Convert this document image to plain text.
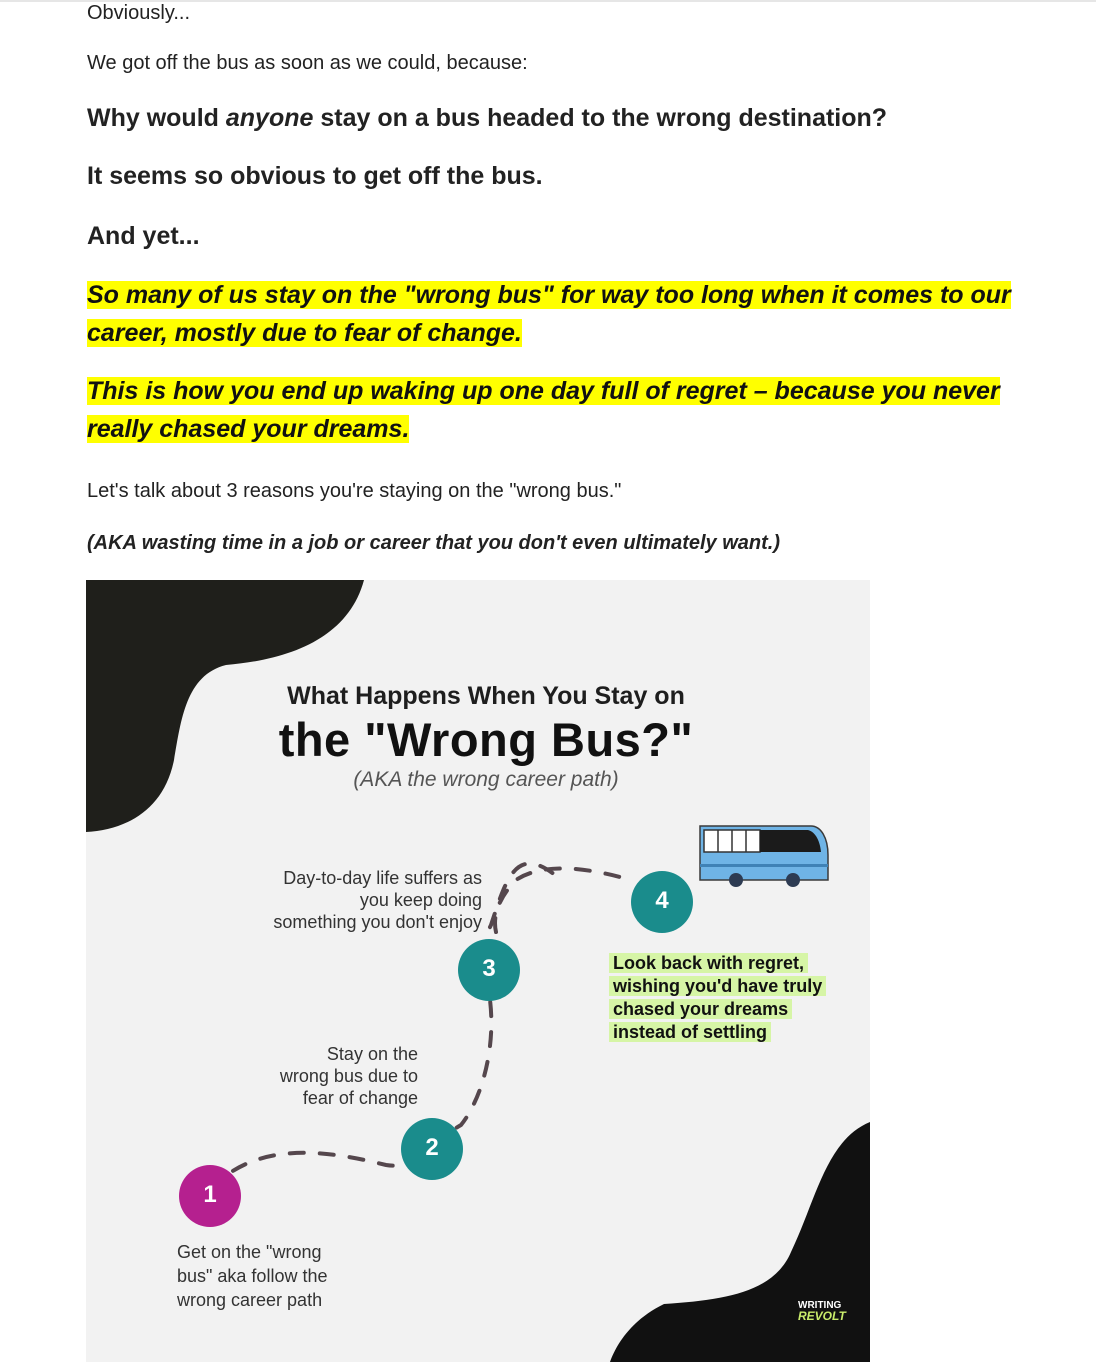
Obviously...

We got off the bus as soon as we could, because:

Why would anyone stay on a bus headed to the wrong destination?

It seems so obvious to get off the bus.

And yet...

So many of us stay on the "wrong bus" for way too long when it comes to our
career, mostly due to fear of change.

This is how you end up waking up one day full of regret – because you never
really chased your dreams.

Let's talk about 3 reasons you're staying on the "wrong bus."

(AKA wasting time in a job or career that you don't even ultimately want.)

What Happens When You Stay on
the "Wrong Bus?"
(AKA the wrong career path)
1
2
3
4
Get on the "wrong
bus" aka follow the
wrong career path
Stay on the
wrong bus due to
fear of change
Day-to-day life suffers as
you keep doing
something you don't enjoy
Look back with regret,
wishing you'd have truly
chased your dreams
instead of settling
WRITING
REVOLT
